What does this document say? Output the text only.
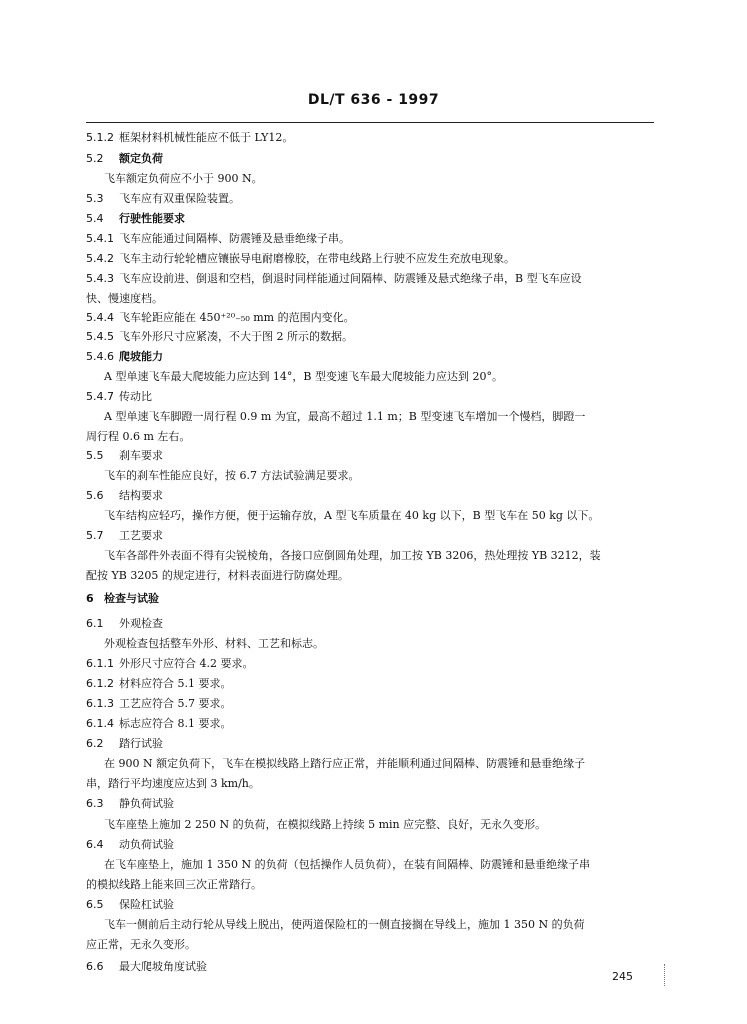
DL/T 636 - 1997
5.1.2 框架材料机械性能应不低于 LY12。
5.2 额定负荷
飞车额定负荷应不小于 900 N。
5.3 飞车应有双重保险装置。
5.4 行驶性能要求
5.4.1 飞车应能通过间隔棒、防震锤及悬垂绝缘子串。
5.4.2 飞车主动行轮轮槽应镶嵌导电耐磨橡胶，在带电线路上行驶不应发生充放电现象。
5.4.3 飞车应设前进、倒退和空档，倒退时同样能通过间隔棒、防震锤及悬式绝缘子串，B 型飞车应设
快、慢速度档。
5.4.4 飞车轮距应能在 450⁺²⁰₋₅₀ mm 的范围内变化。
5.4.5 飞车外形尺寸应紧凑，不大于图 2 所示的数据。
5.4.6 爬坡能力
A 型单速飞车最大爬坡能力应达到 14°，B 型变速飞车最大爬坡能力应达到 20°。
5.4.7 传动比
A 型单速飞车脚蹬一周行程 0.9 m 为宜，最高不超过 1.1 m；B 型变速飞车增加一个慢档，脚蹬一
周行程 0.6 m 左右。
5.5 刹车要求
飞车的刹车性能应良好，按 6.7 方法试验满足要求。
5.6 结构要求
飞车结构应轻巧，操作方便，便于运输存放，A 型飞车质量在 40 kg 以下，B 型飞车在 50 kg 以下。
5.7 工艺要求
飞车各部件外表面不得有尖锐棱角，各接口应倒圆角处理，加工按 YB 3206，热处理按 YB 3212，装
配按 YB 3205 的规定进行，材料表面进行防腐处理。
6 检查与试验
6.1 外观检查
外观检查包括整车外形、材料、工艺和标志。
6.1.1 外形尺寸应符合 4.2 要求。
6.1.2 材料应符合 5.1 要求。
6.1.3 工艺应符合 5.7 要求。
6.1.4 标志应符合 8.1 要求。
6.2 踏行试验
在 900 N 额定负荷下，飞车在模拟线路上踏行应正常，并能顺利通过间隔棒、防震锤和悬垂绝缘子
串，踏行平均速度应达到 3 km/h。
6.3 静负荷试验
飞车座垫上施加 2 250 N 的负荷，在模拟线路上持续 5 min 应完整、良好，无永久变形。
6.4 动负荷试验
在飞车座垫上，施加 1 350 N 的负荷（包括操作人员负荷），在装有间隔棒、防震锤和悬垂绝缘子串
的模拟线路上能来回三次正常踏行。
6.5 保险杠试验
飞车一侧前后主动行轮从导线上脱出，使两道保险杠的一侧直接搁在导线上，施加 1 350 N 的负荷
应正常，无永久变形。
6.6 最大爬坡角度试验
245
